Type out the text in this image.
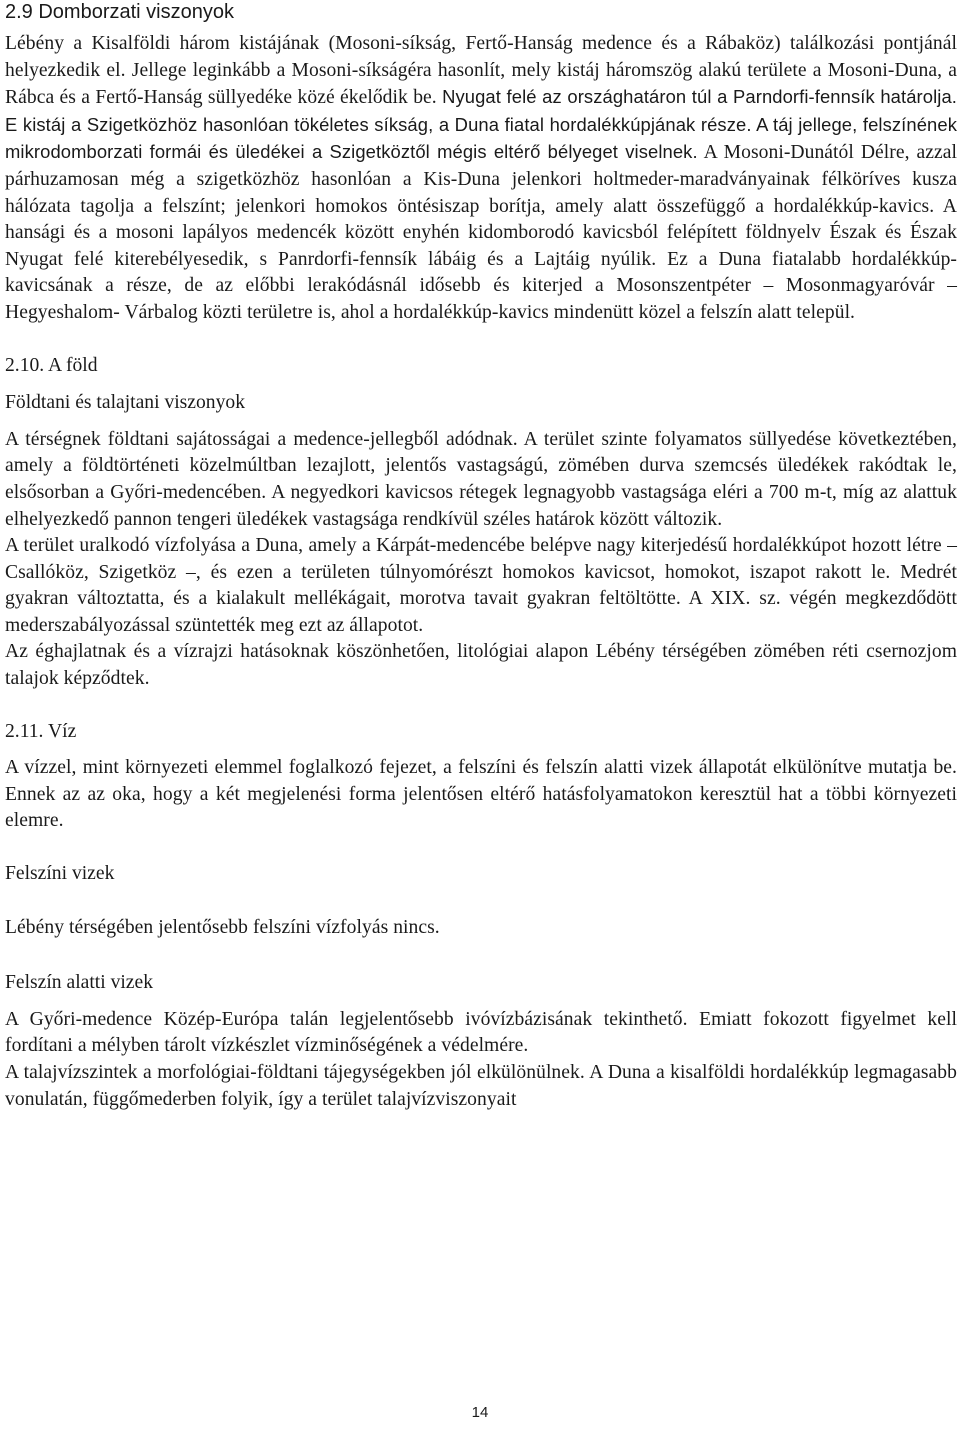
2.9 Domborzati viszonyok

Lébény a Kisalföldi három kistájának (Mosoni-síkság, Fertő-Hanság medence és a Rábaköz) találkozási pontjánál helyezkedik el. Jellege leginkább a Mosoni-síkságéra hasonlít, mely kistáj háromszög alakú területe a Mosoni-Duna, a Rábca és a Fertő-Hanság süllyedéke közé ékelődik be. Nyugat felé az országhatáron túl a Parndorfi-fennsík határolja. E kistáj a Szigetközhöz hasonlóan tökéletes síkság, a Duna fiatal hordalékkúpjának része. A táj jellege, felszínének mikrodomborzati formái és üledékei a Szigetköztől mégis eltérő bélyeget viselnek. A Mosoni-Dunától Délre, azzal párhuzamosan még a szigetközhöz hasonlóan a Kis-Duna jelenkori holtmeder-maradványainak félköríves kusza hálózata tagolja a felszínt; jelenkori homokos öntésiszap borítja, amely alatt összefüggő a hordalékkúp-kavics. A hansági és a mosoni lapályos medencék között enyhén kidomborodó kavicsból felépített földnyelv Észak és Észak Nyugat felé kiterebélyesedik, s Panrdorfi-fennsík lábáig és a Lajtáig nyúlik. Ez a Duna fiatalabb hordalékkúp-kavicsának a része, de az előbbi lerakódásnál idősebb és kiterjed a Mosonszentpéter – Mosonmagyaróvár – Hegyeshalom- Várbalog közti területre is, ahol a hordalékkúp-kavics mindenütt közel a felszín alatt települ.

2.10. A föld
Földtani és talajtani viszonyok

A térségnek földtani sajátosságai a medence-jellegből adódnak. A terület szinte folyamatos süllyedése következtében, amely a földtörténeti közelmúltban lezajlott, jelentős vastagságú, zömében durva szemcsés üledékek rakódtak le, elsősorban a Győri-medencében. A negyedkori kavicsos rétegek legnagyobb vastagsága eléri a 700 m-t, míg az alattuk elhelyezkedő pannon tengeri üledékek vastagsága rendkívül széles határok között változik.

A terület uralkodó vízfolyása a Duna, amely a Kárpát-medencébe belépve nagy kiterjedésű hordalékkúpot hozott létre – Csallóköz, Szigetköz –, és ezen a területen túlnyomórészt homokos kavicsot, homokot, iszapot rakott le. Medrét gyakran változtatta, és a kialakult mellékágait, morotva tavait gyakran feltöltötte. A XIX. sz. végén megkezdődött mederszabályozással szüntették meg ezt az állapotot.

Az éghajlatnak és a vízrajzi hatásoknak köszönhetően, litológiai alapon Lébény térségében zömében réti csernozjom talajok képződtek.

2.11. Víz

A vízzel, mint környezeti elemmel foglalkozó fejezet, a felszíni és felszín alatti vizek állapotát elkülönítve mutatja be. Ennek az az oka, hogy a két megjelenési forma jelentősen eltérő hatásfolyamatokon keresztül hat a többi környezeti elemre.

Felszíni vizek

Lébény térségében jelentősebb felszíni vízfolyás nincs.

Felszín alatti vizek

A Győri-medence Közép-Európa talán legjelentősebb ivóvízbázisának tekinthető. Emiatt fokozott figyelmet kell fordítani a mélyben tárolt vízkészlet vízminőségének a védelmére.

A talajvízszintek a morfológiai-földtani tájegységekben jól elkülönülnek. A Duna a kisalföldi hordalékkúp legmagasabb vonulatán, függőmederben folyik, így a terület talajvízviszonyait

14
